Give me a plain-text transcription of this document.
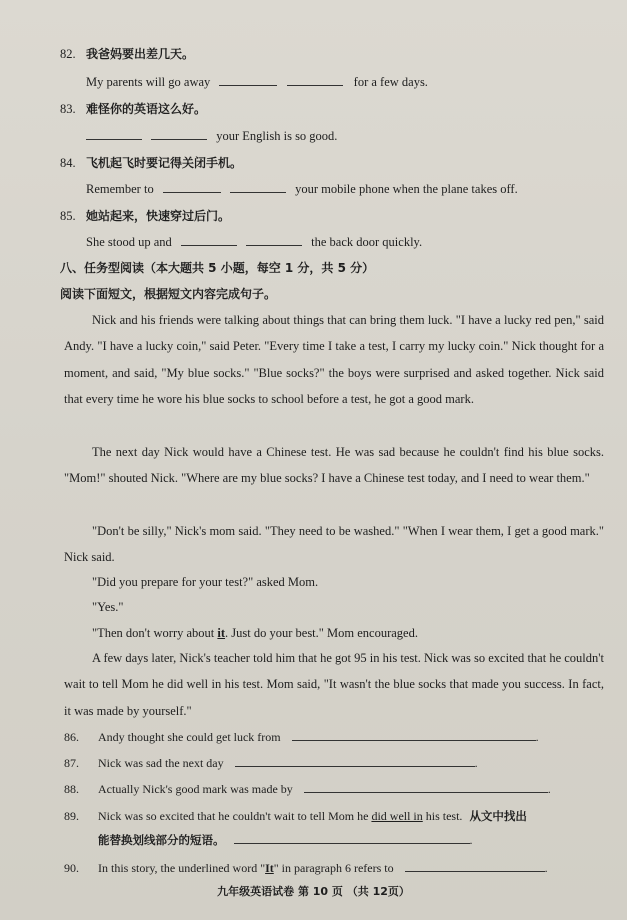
82. 我爸妈要出差几天。
My parents will go away	for a few days.
83. 难怪你的英语这么好。
your English is so good.
84. 飞机起飞时要记得关闭手机。
Remember to	your mobile phone when the plane takes off.
85. 她站起来，快速穿过后门。
She stood up and	the back door quickly.
八、任务型阅读（本大题共 5 小题，每空 1 分，共 5 分）
阅读下面短文，根据短文内容完成句子。
Nick and his friends were talking about things that can bring them luck. "I have a lucky red pen," said Andy. "I have a lucky coin," said Peter. "Every time I take a test, I carry my lucky coin." Nick thought for a moment, and said, "My blue socks." "Blue socks?" the boys were surprised and asked together. Nick said that every time he wore his blue socks to school before a test, he got a good mark.
The next day Nick would have a Chinese test. He was sad because he couldn't find his blue socks. "Mom!" shouted Nick. "Where are my blue socks? I have a Chinese test today, and I need to wear them."
"Don't be silly," Nick's mom said. "They need to be washed." "When I wear them, I get a good mark." Nick said.
"Did you prepare for your test?" asked Mom.
"Yes."
"Then don't worry about it. Just do your best." Mom encouraged.
A few days later, Nick's teacher told him that he got 95 in his test. Nick was so excited that he couldn't wait to tell Mom he did well in his test. Mom said, "It wasn't the blue socks that made you success. In fact, it was made by yourself."
86. Andy thought she could get luck from	.
87. Nick was sad the next day	.
88. Actually Nick's good mark was made by	.
89. Nick was so excited that he couldn't wait to tell Mom he did well in his test. 从文中找出
能替换划线部分的短语。	.
90. In this story, the underlined word "It" in paragraph 6 refers to	.
九年级英语试卷 第 10 页 （共 12页）
